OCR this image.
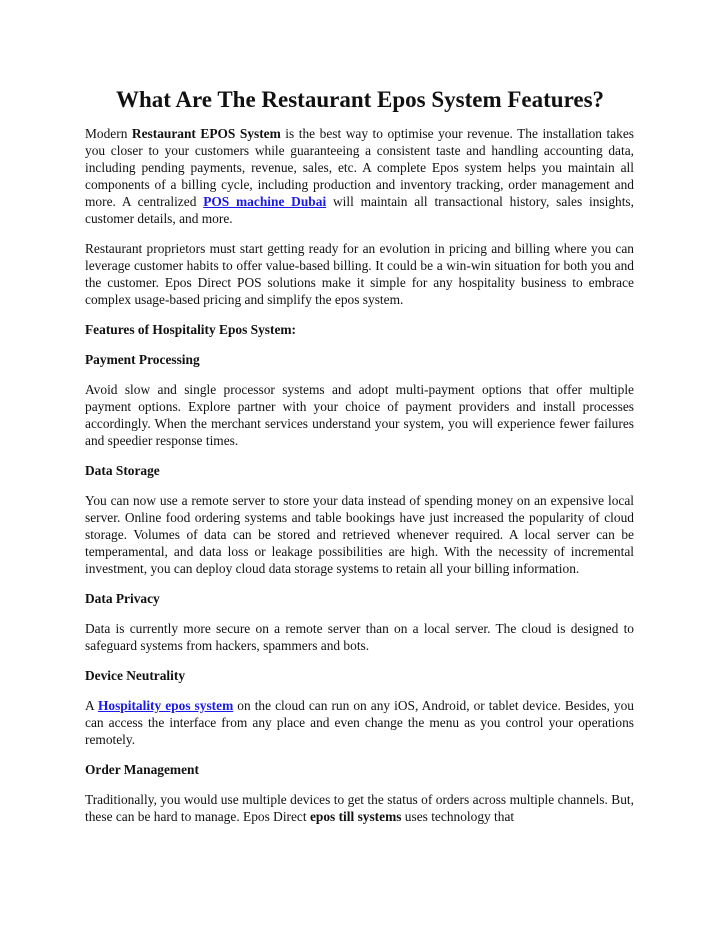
What Are The Restaurant Epos System Features?

Modern Restaurant EPOS System is the best way to optimise your revenue. The installation takes you closer to your customers while guaranteeing a consistent taste and handling accounting data, including pending payments, revenue, sales, etc. A complete Epos system helps you maintain all components of a billing cycle, including production and inventory tracking, order management and more. A centralized POS machine Dubai will maintain all transactional history, sales insights, customer details, and more.

Restaurant proprietors must start getting ready for an evolution in pricing and billing where you can leverage customer habits to offer value-based billing. It could be a win-win situation for both you and the customer. Epos Direct POS solutions make it simple for any hospitality business to embrace complex usage-based pricing and simplify the epos system.

Features of Hospitality Epos System:
Payment Processing

Avoid slow and single processor systems and adopt multi-payment options that offer multiple payment options. Explore partner with your choice of payment providers and install processes accordingly. When the merchant services understand your system, you will experience fewer failures and speedier response times.

Data Storage

You can now use a remote server to store your data instead of spending money on an expensive local server. Online food ordering systems and table bookings have just increased the popularity of cloud storage. Volumes of data can be stored and retrieved whenever required. A local server can be temperamental, and data loss or leakage possibilities are high. With the necessity of incremental investment, you can deploy cloud data storage systems to retain all your billing information.

Data Privacy

Data is currently more secure on a remote server than on a local server. The cloud is designed to safeguard systems from hackers, spammers and bots.

Device Neutrality

A Hospitality epos system on the cloud can run on any iOS, Android, or tablet device. Besides, you can access the interface from any place and even change the menu as you control your operations remotely.

Order Management

Traditionally, you would use multiple devices to get the status of orders across multiple channels. But, these can be hard to manage. Epos Direct epos till systems uses technology that
